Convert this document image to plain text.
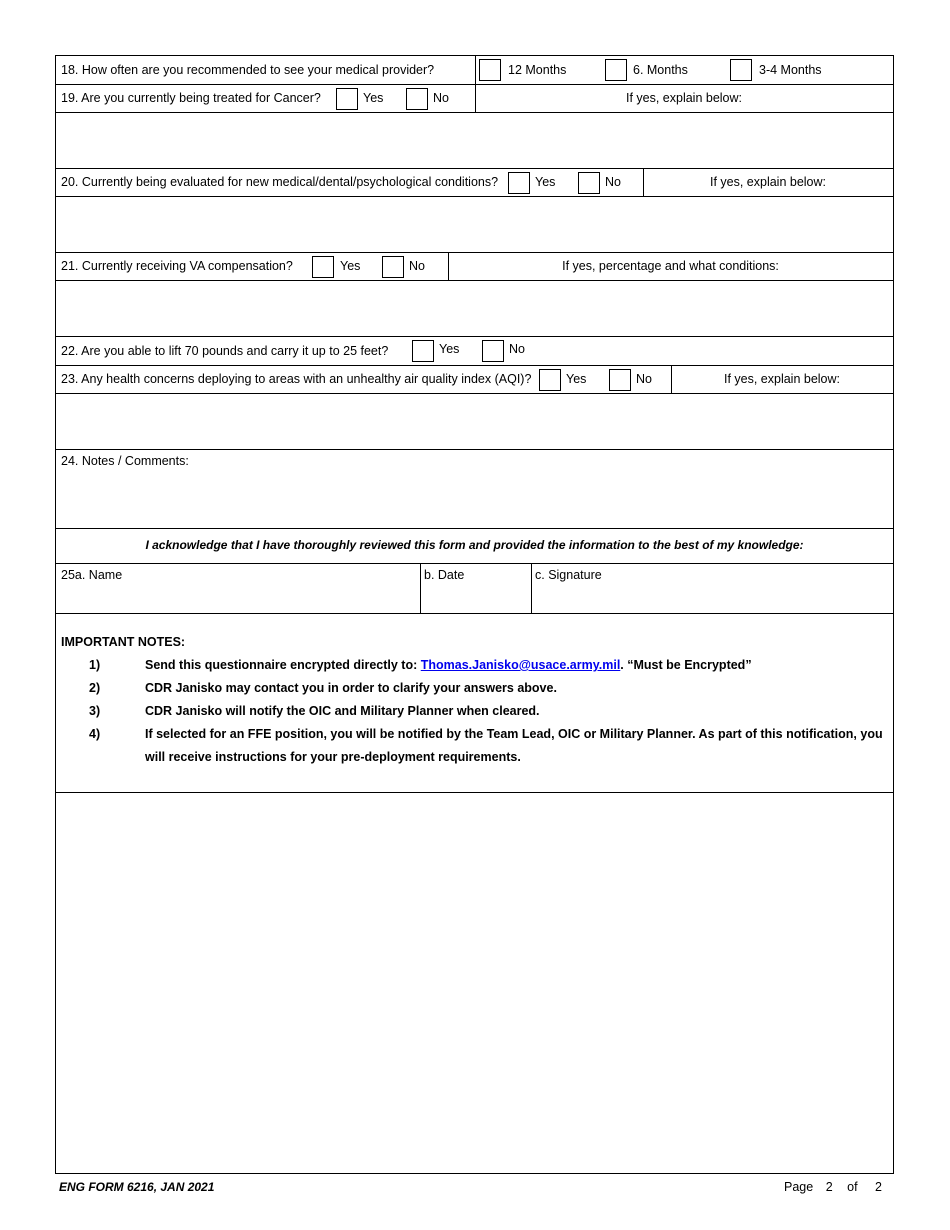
18. How often are you recommended to see your medical provider?	12 Months	6. Months	3-4 Months
19. Are you currently being treated for Cancer?	Yes	No	If yes, explain below:
20. Currently being evaluated for new medical/dental/psychological conditions?	Yes	No	If yes, explain below:
21. Currently receiving VA compensation?	Yes	No	If yes, percentage and what conditions:
22. Are you able to lift 70 pounds and carry it up to 25 feet?	Yes	No
23. Any health concerns deploying to areas with an unhealthy air quality index (AQI)?	Yes	No	If yes, explain below:
24. Notes / Comments:
I acknowledge that I have thoroughly reviewed this form and provided the information to the best of my knowledge:
25a. Name	b. Date	c. Signature
IMPORTANT NOTES:
1)	Send this questionnaire encrypted directly to: Thomas.Janisko@usace.army.mil. “Must be Encrypted”
2)	CDR Janisko may contact you in order to clarify your answers above.
3)	CDR Janisko will notify the OIC and Military Planner when cleared.
4)	If selected for an FFE position, you will be notified by the Team Lead, OIC or Military Planner. As part of this notification, you will receive instructions for your pre-deployment requirements.
ENG FORM 6216, JAN 2021	Page 2 of 2
